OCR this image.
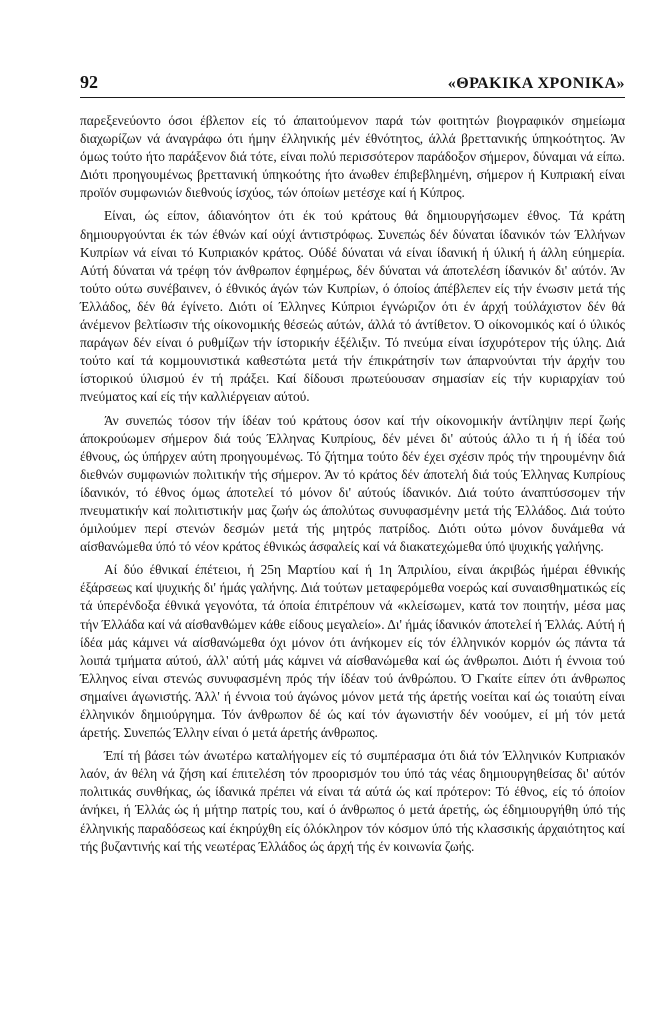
92	«ΘΡΑΚΙΚΑ ΧΡΟΝΙΚΑ»

παρεξενεύοντο όσοι έβλεπον είς τό άπαιτούμενον παρά τών φοιτητών βιογραφικόν σημείωμα διαχωρίζων νά άναγράφω ότι ήμην έλληνικής μέν έθνότητος, άλλά βρεττανικής ύπηκοότητος. Άν όμως τούτο ήτο παράξενον διά τότε, είναι πολύ περισσότερον παράδοξον σήμερον, δύναμαι νά είπω. Διότι προηγουμένως βρεττανική ύπηκοότης ήτο άνωθεν έπιβεβλημένη, σήμερον ή Κυπριακή είναι προϊόν συμφωνιών διεθνούς ίσχύος, τών όποίων μετέσχε καί ή Κύπρος.

Είναι, ώς είπον, άδιανόητον ότι έκ τού κράτους θά δημιουργήσωμεν έθνος. Τά κράτη δημιουργούνται έκ τών έθνών καί ούχί άντιστρόφως. Συνεπώς δέν δύναται ίδανικόν τών Έλλήνων Κυπρίων νά είναι τό Κυπριακόν κράτος. Ούδέ δύναται νά είναι ίδανική ή ύλική ή άλλη εύημερία. Αύτή δύναται νά τρέφη τόν άνθρωπον έφημέρως, δέν δύναται νά άποτελέση ίδανικόν δι' αύτόν. Άν τούτο ούτω συνέβαινεν, ό έθνικός άγών τών Κυπρίων, ό όποίος άπέβλεπεν είς τήν ένωσιν μετά τής Έλλάδος, δέν θά έγίνετο. Διότι οί Έλληνες Κύπριοι έγνώριζον ότι έν άρχή τούλάχιστον δέν θά άνέμενον βελτίωσιν τής οίκονομικής θέσεώς αύτών, άλλά τό άντίθετον. Ό οίκονομικός καί ό ύλικός παράγων δέν είναι ό ρυθμίζων τήν ίστορικήν έξέλιξιν. Τό πνεύμα είναι ίσχυρότερον τής ύλης. Διά τούτο καί τά κομμουνιστικά καθεστώτα μετά τήν έπικράτησίν των άπαρνούνται τήν άρχήν του ίστορικού ύλισμού έν τή πράξει. Καί δίδουσι πρωτεύουσαν σημασίαν είς τήν κυριαρχίαν τού πνεύματος καί είς τήν καλλιέργειαν αύτού.

Άν συνεπώς τόσον τήν ίδέαν τού κράτους όσον καί τήν οίκονομικήν άντίληψιν περί ζωής άποκρούωμεν σήμερον διά τούς Έλληνας Κυπρίους, δέν μένει δι' αύτούς άλλο τι ή ή ίδέα τού έθνους, ώς ύπήρχεν αύτη προηγουμένως. Τό ζήτημα τούτο δέν έχει σχέσιν πρός τήν τηρουμένην διά διεθνών συμφωνιών πολιτικήν τής σήμερον. Άν τό κράτος δέν άποτελή διά τούς Έλληνας Κυπρίους ίδανικόν, τό έθνος όμως άποτελεί τό μόνον δι' αύτούς ίδανικόν. Διά τούτο άναπτύσσομεν τήν πνευματικήν καί πολιτιστικήν μας ζωήν ώς άπολύτως συνυφασμένην μετά τής Έλλάδος. Διά τούτο όμιλούμεν περί στενών δεσμών μετά τής μητρός πατρίδος. Διότι ούτω μόνον δυνάμεθα νά αίσθανώμεθα ύπό τό νέον κράτος έθνικώς άσφαλείς καί νά διακατεχώμεθα ύπό ψυχικής γαλήνης.

Αί δύο έθνικαί έπέτειοι, ή 25η Μαρτίου καί ή 1η Άπριλίου, είναι άκριβώς ήμέραι έθνικής έξάρσεως καί ψυχικής δι' ήμάς γαλήνης. Διά τούτων μεταφερόμεθα νοερώς καί συναισθηματικώς είς τά ύπερένδοξα έθνικά γεγονότα, τά όποία έπιτρέπουν νά «κλείσωμεν, κατά τον ποιητήν, μέσα μας τήν Έλλάδα καί νά αίσθανθώμεν κάθε είδους μεγαλείο». Δι' ήμάς ίδανικόν άποτελεί ή Έλλάς. Αύτή ή ίδέα μάς κάμνει νά αίσθανώμεθα όχι μόνον ότι άνήκομεν είς τόν έλληνικόν κορμόν ώς πάντα τά λοιπά τμήματα αύτού, άλλ' αύτή μάς κάμνει νά αίσθανώμεθα καί ώς άνθρωποι. Διότι ή έννοια τού Έλληνος είναι στενώς συνυφασμένη πρός τήν ίδέαν τού άνθρώπου. Ό Γκαίτε είπεν ότι άνθρωπος σημαίνει άγωνιστής. Άλλ' ή έννοια τού άγώνος μόνον μετά τής άρετής νοείται καί ώς τοιαύτη είναι έλληνικόν δημιούργημα. Τόν άνθρωπον δέ ώς καί τόν άγωνιστήν δέν νοούμεν, εί μή τόν μετά άρετής. Συνεπώς Έλλην είναι ό μετά άρετής άνθρωπος.

Έπί τή βάσει τών άνωτέρω καταλήγομεν είς τό συμπέρασμα ότι διά τόν Έλληνικόν Κυπριακόν λαόν, άν θέλη νά ζήση καί έπιτελέση τόν προορισμόν του ύπό τάς νέας δημιουργηθείσας δι' αύτόν πολιτικάς συνθήκας, ώς ίδανικά πρέπει νά είναι τά αύτά ώς καί πρότερον: Τό έθνος, είς τό όποίον άνήκει, ή Έλλάς ώς ή μήτηρ πατρίς του, καί ό άνθρωπος ό μετά άρετής, ώς έδημιουργήθη ύπό τής έλληνικής παραδόσεως καί έκηρύχθη είς όλόκληρον τόν κόσμον ύπό τής κλασσικής άρχαιότητος καί τής βυζαντινής καί τής νεωτέρας Έλλάδος ώς άρχή τής έν κοινωνία ζωής.
